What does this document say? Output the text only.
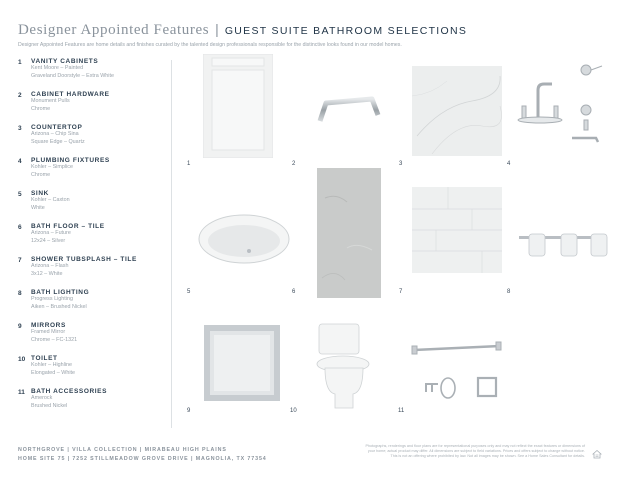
Designer Appointed Features | GUEST SUITE BATHROOM SELECTIONS
Designer Appointed Features are home details and finishes curated by the talented design professionals responsible for the distinctive looks found in our model homes.
1	VANITY CABINETS
Kent Moore – Painted
Graveland Doorstyle – Extra White
2	CABINET HARDWARE
Monument Pulls
Chrome
3	COUNTERTOP
Arizona – Chip Sina
Square Edge – Quartz
4	PLUMBING FIXTURES
Kohler – Simplice
Chrome
5	SINK
Kohler – Caxton
White
6	BATH FLOOR – TILE
Arizona – Future
12x24 – Silver
7	SHOWER TUBSPLASH – TILE
Arizona – Flash
3x12 – White
8	BATH LIGHTING
Progress Lighting
Aiken – Brushed Nickel
9	MIRRORS
Framed Mirror
Chrome – FC-1321
10 TOILET
Kohler – Highline
Elongated – White
11 BATH ACCESSORIES
Amerock
Brushed Nickel
1	2	3	4
5	6	7	8
9	10	11
NORTHGROVE | VILLA COLLECTION | MIRABEAU HIGH PLAINS
HOME SITE 75 | 7252 STILLMEADOW GROVE DRIVE | MAGNOLIA, TX 77354
Photographs, renderings and floor plans are for representational purposes only and may not reflect the exact features or dimensions of
your home; actual product may differ. All dimensions are subject to field variations. Prices and offers subject to change without notice.
This is not an offering where prohibited by law. Not all images may be shown. See a Home Sales Consultant for details.
